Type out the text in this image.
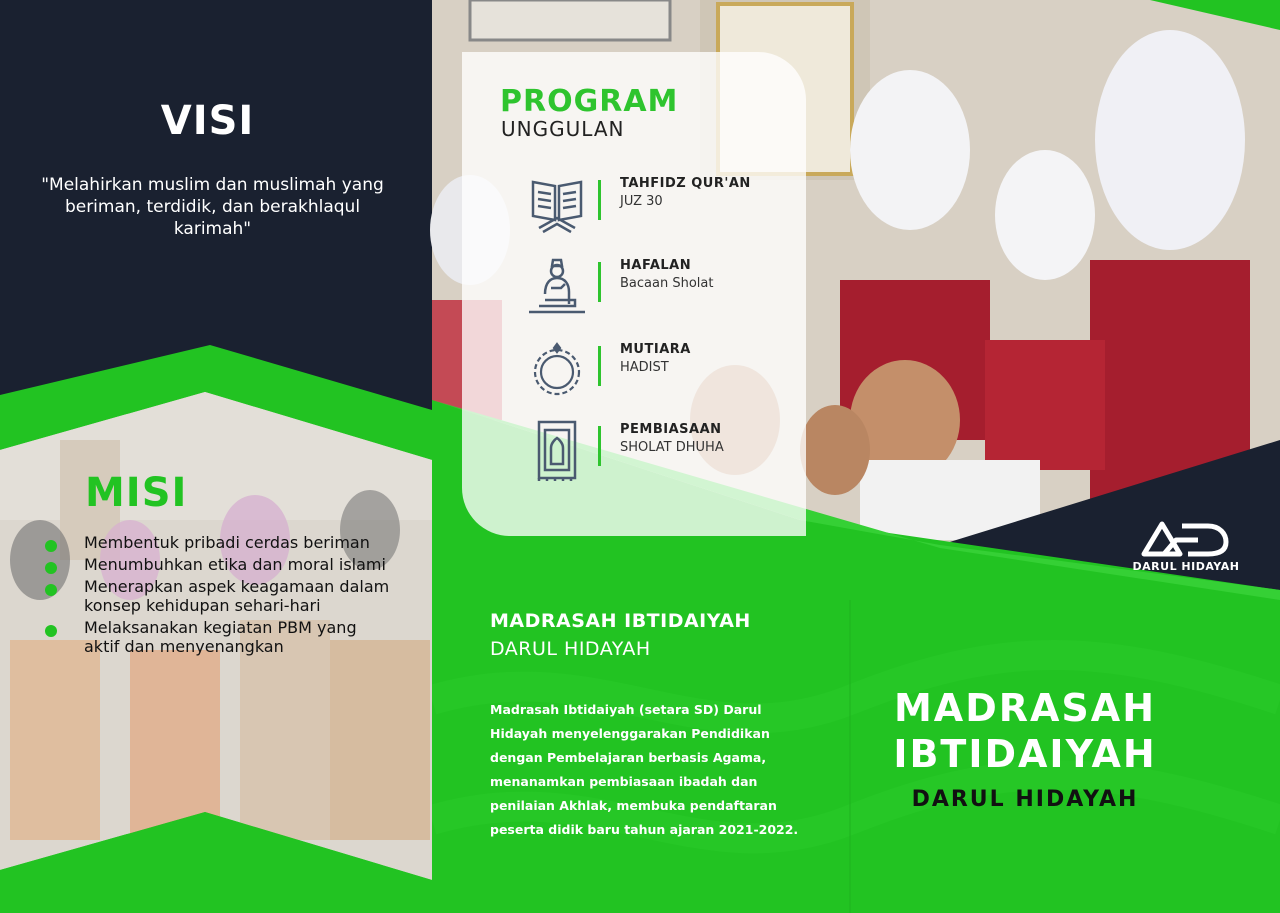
VISI
"Melahirkan muslim dan muslimah yang beriman, terdidik, dan berakhlaqul karimah"
MISI
Membentuk pribadi cerdas beriman
Menumbuhkan etika dan moral islami
Menerapkan aspek keagamaan dalam konsep kehidupan sehari-hari
Melaksanakan kegiatan PBM yang aktif dan menyenangkan
PROGRAM
UNGGULAN
TAHFIDZ QUR'AN
JUZ 30
HAFALAN
Bacaan Sholat
MUTIARA
HADIST
PEMBIASAAN
SHOLAT DHUHA
DARUL HIDAYAH
MADRASAH IBTIDAIYAH
DARUL HIDAYAH
Madrasah Ibtidaiyah (setara SD) Darul Hidayah menyelenggarakan Pendidikan dengan Pembelajaran berbasis Agama, menanamkan pembiasaan ibadah dan penilaian Akhlak, membuka pendaftaran peserta didik baru tahun ajaran 2021-2022.
MADRASAH
IBTIDAIYAH
DARUL HIDAYAH
